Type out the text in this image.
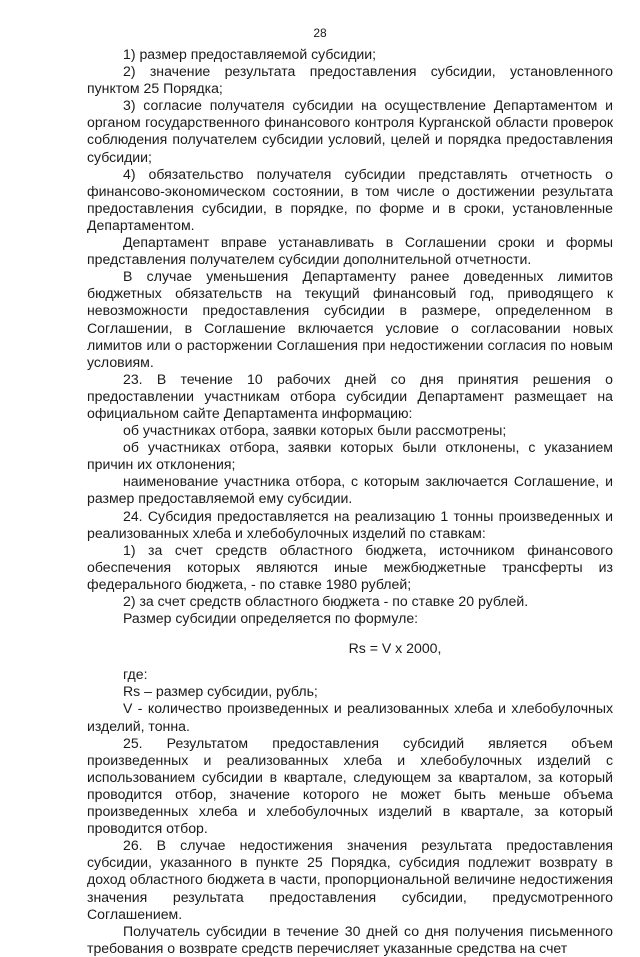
28

1) размер предоставляемой субсидии;

2) значение результата предоставления субсидии, установленного пунктом 25 Порядка;

3) согласие получателя субсидии на осуществление Департаментом и органом государственного финансового контроля Курганской области проверок соблюдения получателем субсидии условий, целей и порядка предоставления субсидии;

4) обязательство получателя субсидии представлять отчетность о финансово-экономическом состоянии, в том числе о достижении результата предоставления субсидии, в порядке, по форме и в сроки, установленные Департаментом.

Департамент вправе устанавливать в Соглашении сроки и формы представления получателем субсидии дополнительной отчетности.

В случае уменьшения Департаменту ранее доведенных лимитов бюджетных обязательств на текущий финансовый год, приводящего к невозможности предоставления субсидии в размере, определенном в Соглашении, в Соглашение включается условие о согласовании новых лимитов или о расторжении Соглашения при недостижении согласия по новым условиям.

23. В течение 10 рабочих дней со дня принятия решения о предоставлении участникам отбора субсидии Департамент размещает на официальном сайте Департамента информацию:

об участниках отбора, заявки которых были рассмотрены;

об участниках отбора, заявки которых были отклонены, с указанием причин их отклонения;

наименование участника отбора, с которым заключается Соглашение, и размер предоставляемой ему субсидии.

24. Субсидия предоставляется на реализацию 1 тонны произведенных и реализованных хлеба и хлебобулочных изделий по ставкам:

1) за счет средств областного бюджета, источником финансового обеспечения которых являются иные межбюджетные трансферты из федерального бюджета, - по ставке 1980 рублей;

2) за счет средств областного бюджета - по ставке 20 рублей.

Размер субсидии определяется по формуле:

Rs = V x 2000,

где:

Rs – размер субсидии, рубль;

V - количество произведенных и реализованных хлеба и хлебобулочных изделий, тонна.

25. Результатом предоставления субсидий является объем произведенных и реализованных хлеба и хлебобулочных изделий с использованием субсидии в квартале, следующем за кварталом, за который проводится отбор, значение которого не может быть меньше объема произведенных хлеба и хлебобулочных изделий в квартале, за который проводится отбор.

26. В случае недостижения значения результата предоставления субсидии, указанного в пункте 25 Порядка, субсидия подлежит возврату в доход областного бюджета в части, пропорциональной величине недостижения значения результата предоставления субсидии, предусмотренного Соглашением.

Получатель субсидии в течение 30 дней со дня получения письменного требования о возврате средств перечисляет указанные средства на счет
